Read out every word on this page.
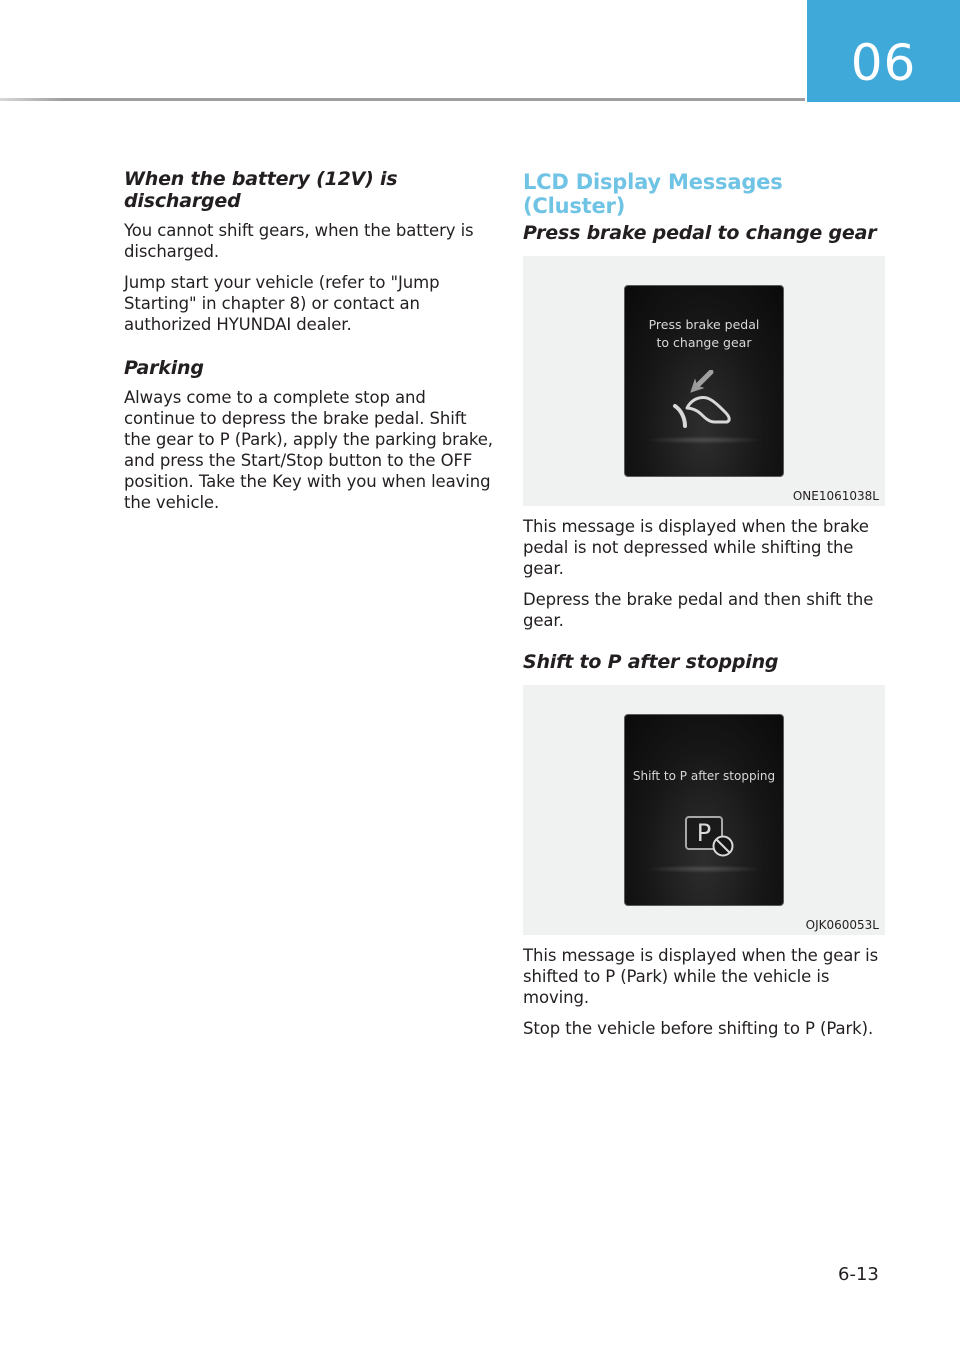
06
When the battery (12V) is discharged

You cannot shift gears, when the battery is discharged.

Jump start your vehicle (refer to "Jump Starting" in chapter 8) or contact an authorized HYUNDAI dealer.

Parking

Always come to a complete stop and continue to depress the brake pedal. Shift the gear to P (Park), apply the parking brake, and press the Start/Stop button to the OFF position. Take the Key with you when leaving the vehicle.

LCD Display Messages (Cluster)
Press brake pedal to change gear
Press brake pedal
to change gear
ONE1061038L

This message is displayed when the brake pedal is not depressed while shifting the gear.

Depress the brake pedal and then shift the gear.

Shift to P after stopping
Shift to P after stopping
P
OJK060053L

This message is displayed when the gear is shifted to P (Park) while the vehicle is moving.

Stop the vehicle before shifting to P (Park).

6-13
